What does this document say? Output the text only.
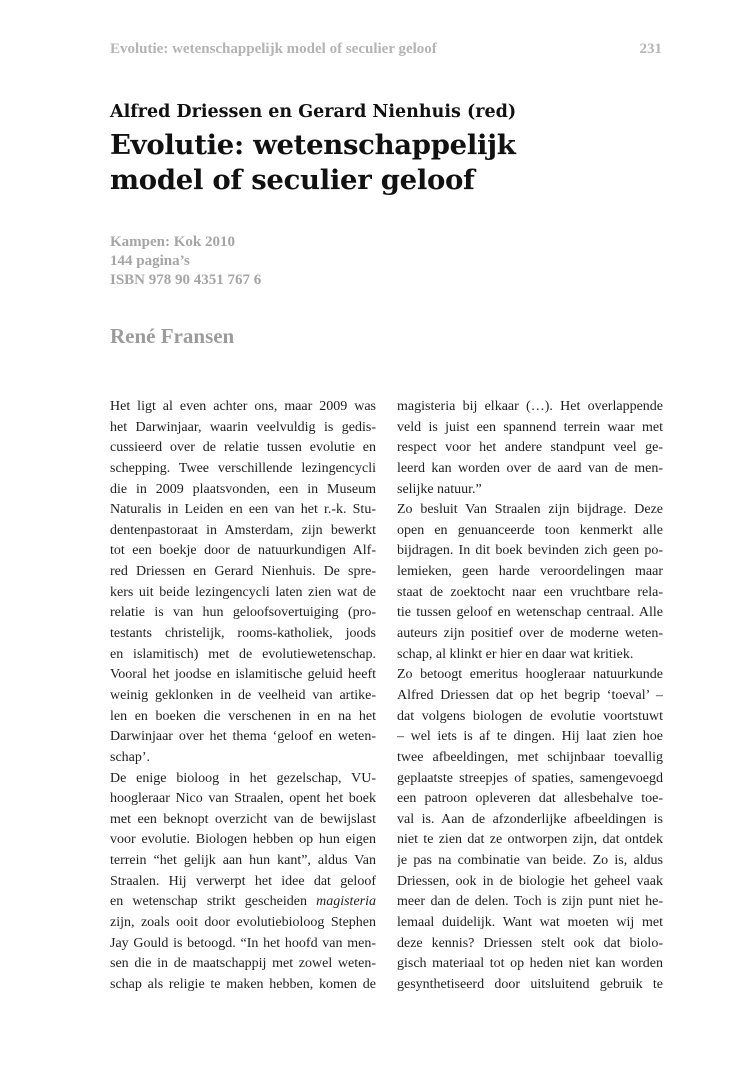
Evolutie: wetenschappelijk model of seculier geloof	231
Alfred Driessen en Gerard Nienhuis (red)
Evolutie: wetenschappelijk
model of seculier geloof
Kampen: Kok 2010
144 pagina’s
ISBN 978 90 4351 767 6
René Fransen
Het ligt al even achter ons, maar 2009 was
het Darwinjaar, waarin veelvuldig is gedis-
cussieerd over de relatie tussen evolutie en
schepping. Twee verschillende lezingencycli
die in 2009 plaatsvonden, een in Museum
Naturalis in Leiden en een van het r.-k. Stu-
dentenpastoraat in Amsterdam, zijn bewerkt
tot een boekje door de natuurkundigen Alf-
red Driessen en Gerard Nienhuis. De spre-
kers uit beide lezingencycli laten zien wat de
relatie is van hun geloofsovertuiging (pro-
testants christelijk, rooms-katholiek, joods
en islamitisch) met de evolutiewetenschap.
Vooral het joodse en islamitische geluid heeft
weinig geklonken in de veelheid van artike-
len en boeken die verschenen in en na het
Darwinjaar over het thema ‘geloof en weten-
schap’.
De enige bioloog in het gezelschap, VU-
hoogleraar Nico van Straalen, opent het boek
met een beknopt overzicht van de bewijslast
voor evolutie. Biologen hebben op hun eigen
terrein “het gelijk aan hun kant”, aldus Van
Straalen. Hij verwerpt het idee dat geloof
en wetenschap strikt gescheiden magisteria
zijn, zoals ooit door evolutiebioloog Stephen
Jay Gould is betoogd. “In het hoofd van men-
sen die in de maatschappij met zowel weten-
schap als religie te maken hebben, komen de
magisteria bij elkaar (…). Het overlappende
veld is juist een spannend terrein waar met
respect voor het andere standpunt veel ge-
leerd kan worden over de aard van de men-
selijke natuur.”
Zo besluit Van Straalen zijn bijdrage. Deze
open en genuanceerde toon kenmerkt alle
bijdragen. In dit boek bevinden zich geen po-
lemieken, geen harde veroordelingen maar
staat de zoektocht naar een vruchtbare rela-
tie tussen geloof en wetenschap centraal. Alle
auteurs zijn positief over de moderne weten-
schap, al klinkt er hier en daar wat kritiek.
Zo betoogt emeritus hoogleraar natuurkunde
Alfred Driessen dat op het begrip ‘toeval’ –
dat volgens biologen de evolutie voortstuwt
– wel iets is af te dingen. Hij laat zien hoe
twee afbeeldingen, met schijnbaar toevallig
geplaatste streepjes of spaties, samengevoegd
een patroon opleveren dat allesbehalve toe-
val is. Aan de afzonderlijke afbeeldingen is
niet te zien dat ze ontworpen zijn, dat ontdek
je pas na combinatie van beide. Zo is, aldus
Driessen, ook in de biologie het geheel vaak
meer dan de delen. Toch is zijn punt niet he-
lemaal duidelijk. Want wat moeten wij met
deze kennis? Driessen stelt ook dat biolo-
gisch materiaal tot op heden niet kan worden
gesynthetiseerd door uitsluitend gebruik te
